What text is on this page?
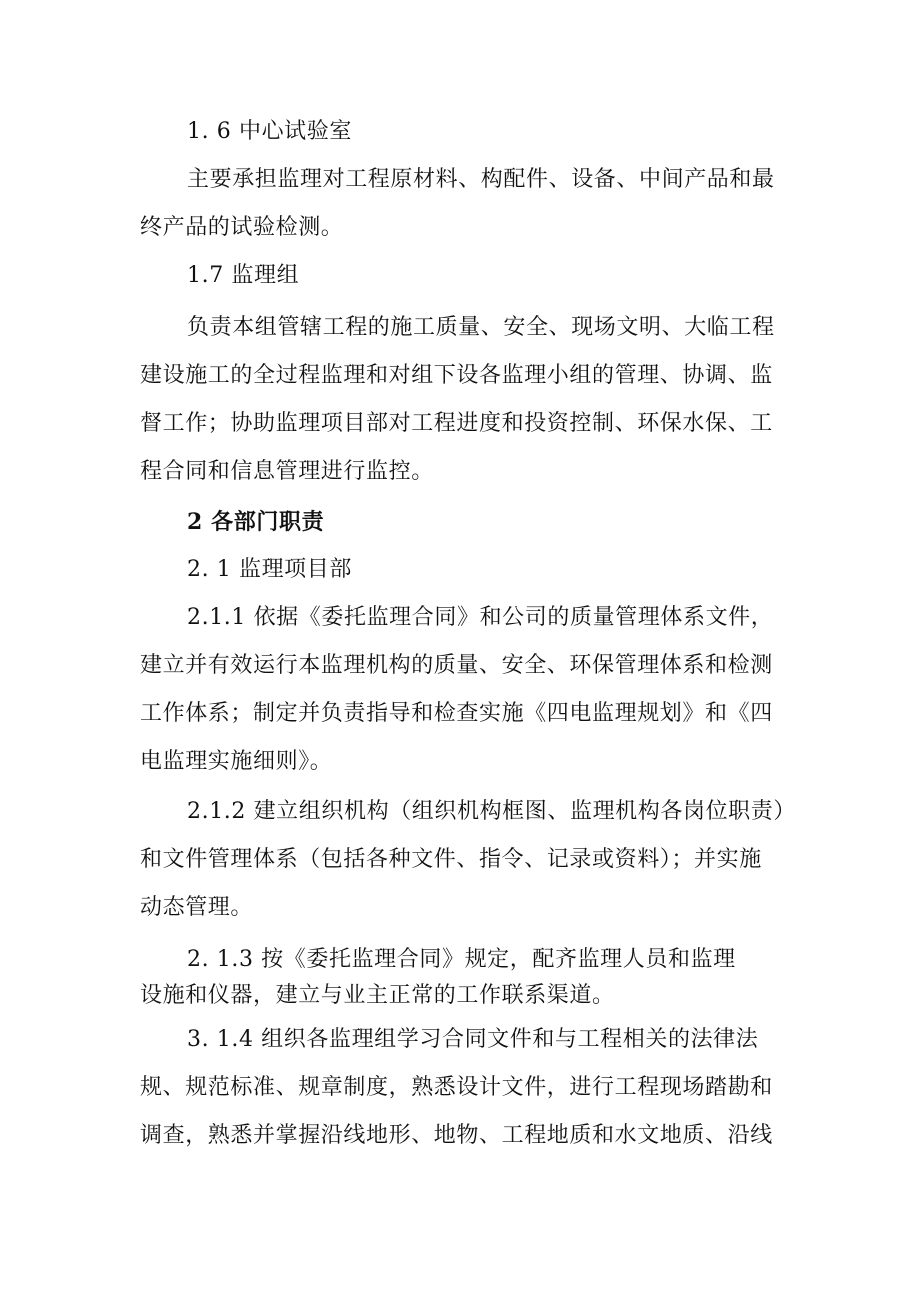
1. 6 中心试验室
主要承担监理对工程原材料、构配件、设备、中间产品和最
终产品的试验检测。
1.7 监理组
负责本组管辖工程的施工质量、安全、现场文明、大临工程
建设施工的全过程监理和对组下设各监理小组的管理、协调、监
督工作；协助监理项目部对工程进度和投资控制、环保水保、工
程合同和信息管理进行监控。
2 各部门职责
2. 1 监理项目部
2.1.1 依据《委托监理合同》和公司的质量管理体系文件，
建立并有效运行本监理机构的质量、安全、环保管理体系和检测
工作体系；制定并负责指导和检查实施《四电监理规划》和《四
电监理实施细则》。
2.1.2 建立组织机构（组织机构框图、监理机构各岗位职责）
和文件管理体系（包括各种文件、指令、记录或资料）；并实施
动态管理。
2. 1.3 按《委托监理合同》规定，配齐监理人员和监理
设施和仪器，建立与业主正常的工作联系渠道。
3. 1.4 组织各监理组学习合同文件和与工程相关的法律法
规、规范标准、规章制度，熟悉设计文件，进行工程现场踏勘和
调查，熟悉并掌握沿线地形、地物、工程地质和水文地质、沿线
